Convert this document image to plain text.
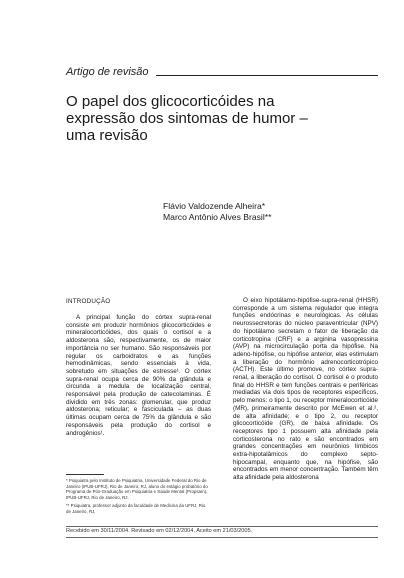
Artigo de revisão
O papel dos glicocorticóides na
expressão dos sintomas de humor –
uma revisão
Flávio Valdozende Alheira*
Marco Antônio Alves Brasil**

INTRODUÇÃO

A principal função do córtex supra-renal consiste em produzir hormônios glicocorticóides e mineralocorticóides, dos quais o cortisol e a aldosterona são, respectivamente, os de maior importância no ser humano. São responsáveis por regular os carboidratos e as funções hemodinâmicas, sendo essenciais à vida, sobretudo em situações de estresse¹. O córtex supra-renal ocupa cerca de 90% da glândula e circunda a medula de localização central, responsável pela produção de catecolaminas. É dividido em três zonas: glomerular, que produz aldosterona; reticular; e fasciculada – as duas últimas ocupam cerca de 75% da glândula e são responsáveis pela produção do cortisol e androgênios¹.

* Psiquiatra pelo Instituto de Psiquiatria, Universidade Federal do Rio de Janeiro (IPUB-UFRJ), Rio de Janeiro, RJ, aluno do estágio probatório do Programa de Pós-Graduação em Psiquiatria e Saúde Mental (Propsam), IPUB-UFRJ, Rio de Janeiro, RJ.

** Psiquiatra, professor adjunto da faculdade de Medicina da UFRJ, Rio de Janeiro, RJ.

O eixo hipotálamo-hipófise-supra-renal (HHSR) corresponde a um sistema regulador que integra funções endócrinas e neurológicas. As células neurossecretoras do núcleo paraventricular (NPV) do hipotálamo secretam o fator de liberação da corticotropina (CRF) e a arginina vasopressina (AVP) na microcirculação porta da hipófise. Na adeno-hipófise, ou hipófise anterior, elas estimulam a liberação do hormônio adrenocorticotrópico (ACTH). Este último promove, no córtex supra-renal, a liberação do cortisol. O cortisol é o produto final do HHSR e tem funções centrais e periféricas mediadas via dois tipos de receptores específicos, pelo menos: o tipo 1, ou receptor mineralocorticóide (MR), primeiramente descrito por McEwen et al.², de alta afinidade; e o tipo 2, ou receptor glicocorticóide (GR), de baixa afinidade. Os receptores tipo 1 possuem alta afinidade pela corticosterona no rato e são encontrados em grandes concentrações em neurônios límbicos extra-hipotalâmicos do complexo septo-hipocampal, enquanto que, na hipófise, são encontrados em menor concentração. Também têm alta afinidade pela aldosterona

Recebido em 30/11/2004. Revisado em 02/12/2004. Aceito em 21/03/2005.
